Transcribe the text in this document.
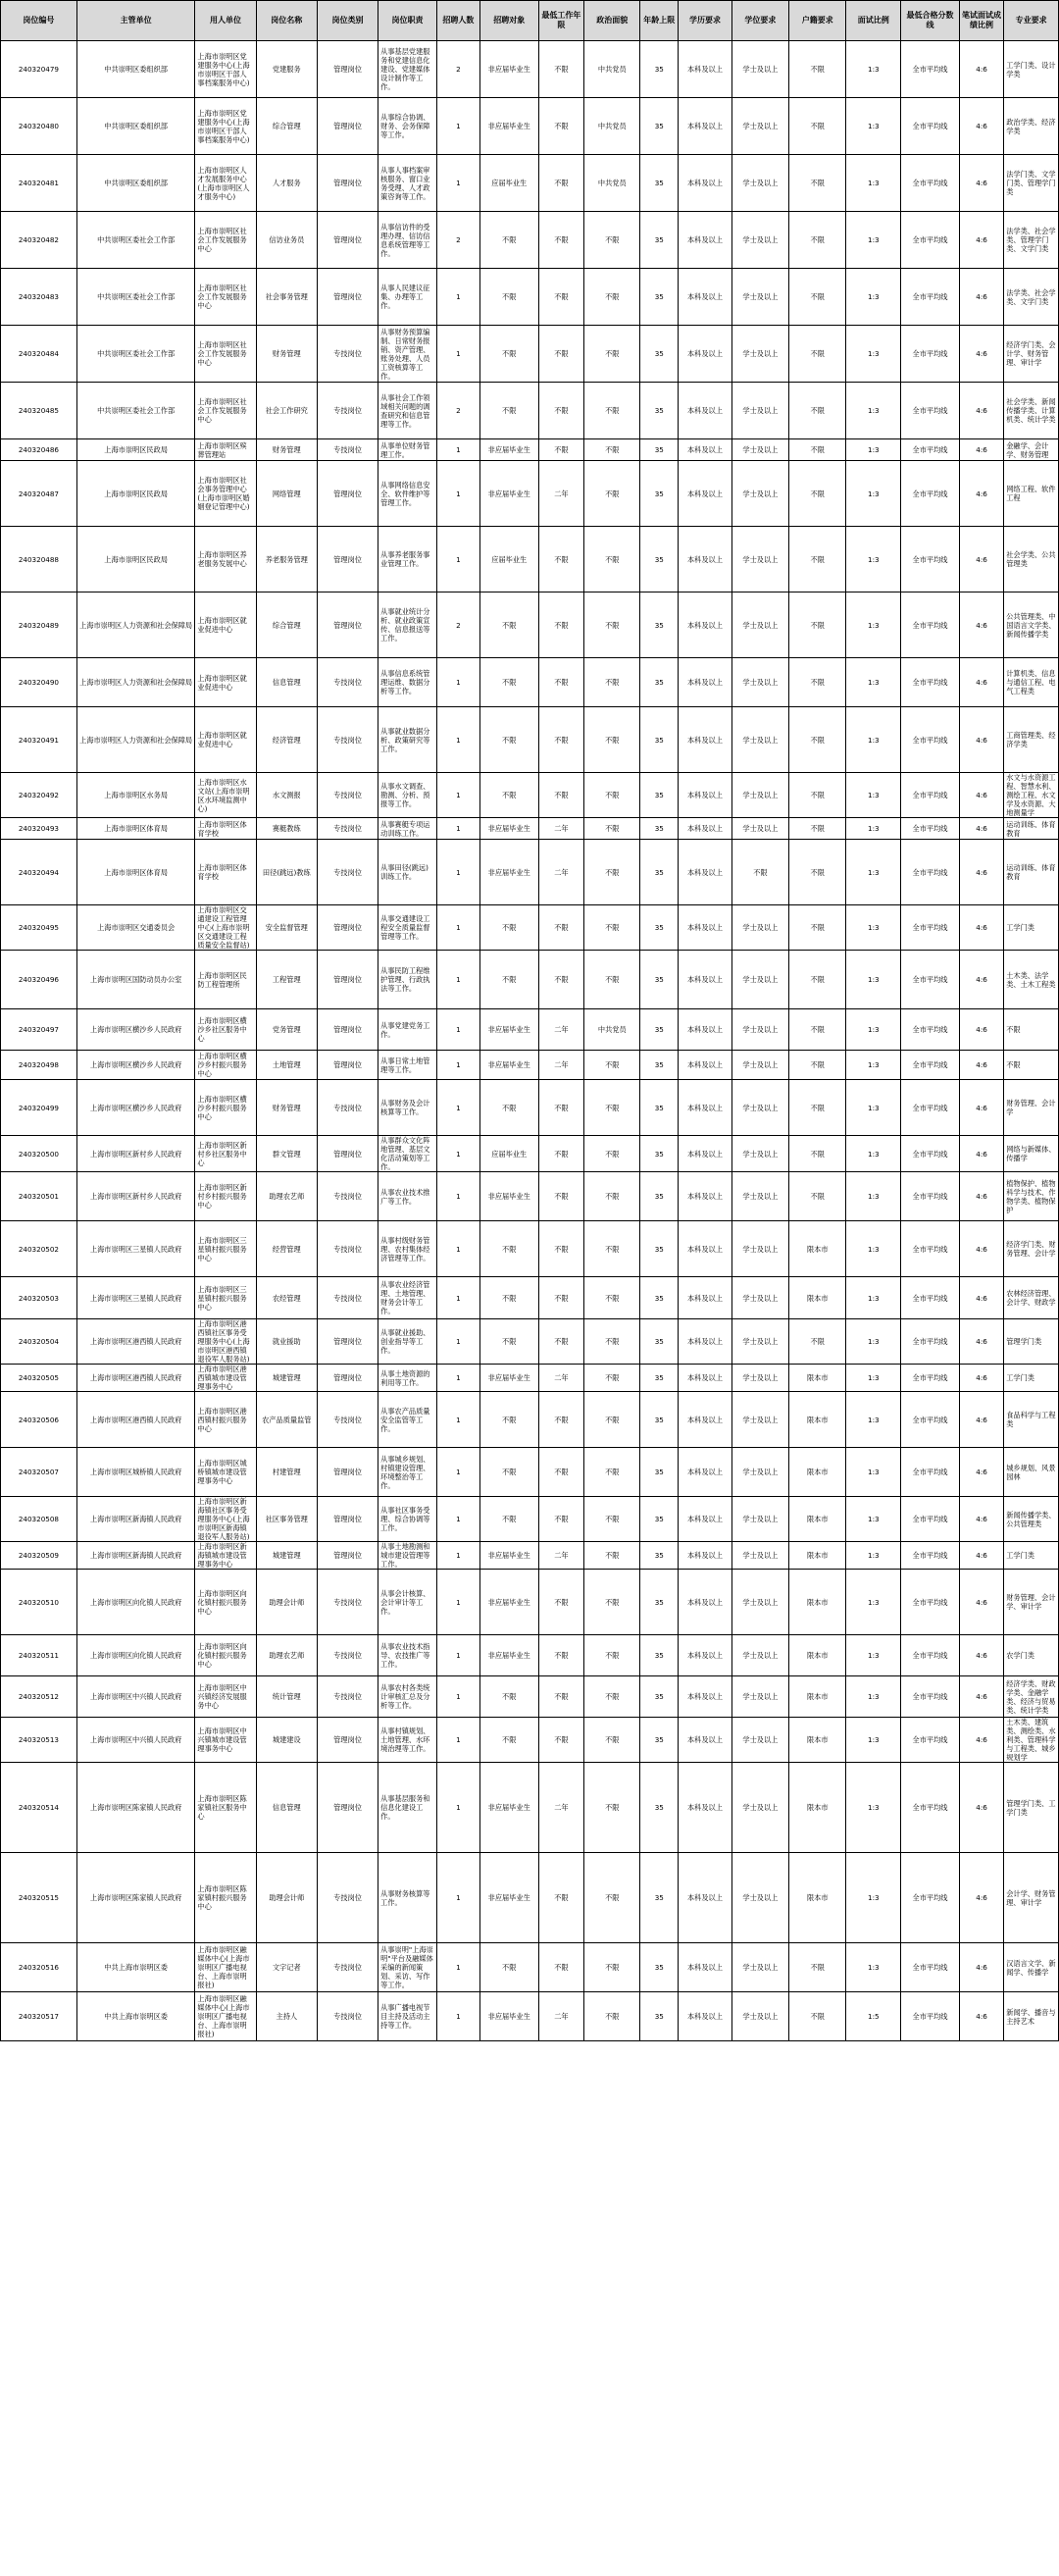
岗位编号	主管单位	用人单位	岗位名称	岗位类别	岗位职责	招聘人数	招聘对象	最低工作年限	政治面貌	年龄上限	学历要求	学位要求	户籍要求	面试比例	最低合格分数线	笔试面试成绩比例	专业要求
240320479	中共崇明区委组织部	上海市崇明区党建服务中心(上海市崇明区干部人事档案服务中心)	党建服务	管理岗位	从事基层党建服务和党建信息化建设、党建媒体设计制作等工作。	2	非应届毕业生	不限	中共党员	35	本科及以上	学士及以上	不限	1:3	全市平均线	4:6	工学门类、设计学类
240320480	中共崇明区委组织部	上海市崇明区党建服务中心(上海市崇明区干部人事档案服务中心)	综合管理	管理岗位	从事综合协调、财务、会务保障等工作。	1	非应届毕业生	不限	中共党员	35	本科及以上	学士及以上	不限	1:3	全市平均线	4:6	政治学类、经济学类
240320481	中共崇明区委组织部	上海市崇明区人才发展服务中心(上海市崇明区人才服务中心)	人才服务	管理岗位	从事人事档案审核服务、窗口业务受理、人才政策咨询等工作。	1	应届毕业生	不限	中共党员	35	本科及以上	学士及以上	不限	1:3	全市平均线	4:6	法学门类、文学门类、管理学门类
240320482	中共崇明区委社会工作部	上海市崇明区社会工作发展服务中心	信访业务员	管理岗位	从事信访件的受理办理、信访信息系统管理等工作。	2	不限	不限	不限	35	本科及以上	学士及以上	不限	1:3	全市平均线	4:6	法学类、社会学类、管理学门类、文学门类
240320483	中共崇明区委社会工作部	上海市崇明区社会工作发展服务中心	社会事务管理	管理岗位	从事人民建议征集、办理等工作。	1	不限	不限	不限	35	本科及以上	学士及以上	不限	1:3	全市平均线	4:6	法学类、社会学类、文学门类
240320484	中共崇明区委社会工作部	上海市崇明区社会工作发展服务中心	财务管理	专技岗位	从事财务预算编制、日常财务报销、资产管理、账务处理、人员工资核算等工作。	1	不限	不限	不限	35	本科及以上	学士及以上	不限	1:3	全市平均线	4:6	经济学门类、会计学、财务管理、审计学
240320485	中共崇明区委社会工作部	上海市崇明区社会工作发展服务中心	社会工作研究	专技岗位	从事社会工作领域相关问题的调查研究和信息管理等工作。	2	不限	不限	不限	35	本科及以上	学士及以上	不限	1:3	全市平均线	4:6	社会学类、新闻传播学类、计算机类、统计学类
240320486	上海市崇明区民政局	上海市崇明区殡葬管理站	财务管理	专技岗位	从事单位财务管理工作。	1	非应届毕业生	不限	不限	35	本科及以上	学士及以上	不限	1:3	全市平均线	4:6	金融学、会计学、财务管理
240320487	上海市崇明区民政局	上海市崇明区社会事务管理中心(上海市崇明区婚姻登记管理中心)	网络管理	管理岗位	从事网络信息安全、软件维护等管理工作。	1	非应届毕业生	二年	不限	35	本科及以上	学士及以上	不限	1:3	全市平均线	4:6	网络工程、软件工程
240320488	上海市崇明区民政局	上海市崇明区养老服务发展中心	养老服务管理	管理岗位	从事养老服务事业管理工作。	1	应届毕业生	不限	不限	35	本科及以上	学士及以上	不限	1:3	全市平均线	4:6	社会学类、公共管理类
240320489	上海市崇明区人力资源和社会保障局	上海市崇明区就业促进中心	综合管理	管理岗位	从事就业统计分析、就业政策宣传、信息报送等工作。	2	不限	不限	不限	35	本科及以上	学士及以上	不限	1:3	全市平均线	4:6	公共管理类、中国语言文学类、新闻传播学类
240320490	上海市崇明区人力资源和社会保障局	上海市崇明区就业促进中心	信息管理	专技岗位	从事信息系统管理运维、数据分析等工作。	1	不限	不限	不限	35	本科及以上	学士及以上	不限	1:3	全市平均线	4:6	计算机类、信息与通信工程、电气工程类
240320491	上海市崇明区人力资源和社会保障局	上海市崇明区就业促进中心	经济管理	专技岗位	从事就业数据分析、政策研究等工作。	1	不限	不限	不限	35	本科及以上	学士及以上	不限	1:3	全市平均线	4:6	工商管理类、经济学类
240320492	上海市崇明区水务局	上海市崇明区水文站(上海市崇明区水环境监测中心)	水文测报	专技岗位	从事水文调查、勘测、分析、预报等工作。	1	不限	不限	不限	35	本科及以上	学士及以上	不限	1:3	全市平均线	4:6	水文与水资源工程、智慧水利、测绘工程、水文学及水资源、大地测量学
240320493	上海市崇明区体育局	上海市崇明区体育学校	赛艇教练	专技岗位	从事赛艇专项运动训练工作。	1	非应届毕业生	二年	不限	35	本科及以上	学士及以上	不限	1:3	全市平均线	4:6	运动训练、体育教育
240320494	上海市崇明区体育局	上海市崇明区体育学校	田径(跳远)教练	专技岗位	从事田径(跳远)训练工作。	1	非应届毕业生	二年	不限	35	本科及以上	不限	不限	1:3	全市平均线	4:6	运动训练、体育教育
240320495	上海市崇明区交通委员会	上海市崇明区交通建设工程管理中心(上海市崇明区交通建设工程质量安全监督站)	安全监督管理	管理岗位	从事交通建设工程安全质量监督管理等工作。	1	不限	不限	不限	35	本科及以上	学士及以上	不限	1:3	全市平均线	4:6	工学门类
240320496	上海市崇明区国防动员办公室	上海市崇明区民防工程管理所	工程管理	管理岗位	从事民防工程维护管理、行政执法等工作。	1	不限	不限	不限	35	本科及以上	学士及以上	不限	1:3	全市平均线	4:6	土木类、法学类、土木工程类
240320497	上海市崇明区横沙乡人民政府	上海市崇明区横沙乡社区服务中心	党务管理	管理岗位	从事党建党务工作。	1	非应届毕业生	二年	中共党员	35	本科及以上	学士及以上	不限	1:3	全市平均线	4:6	不限
240320498	上海市崇明区横沙乡人民政府	上海市崇明区横沙乡村振兴服务中心	土地管理	管理岗位	从事日常土地管理等工作。	1	非应届毕业生	二年	不限	35	本科及以上	学士及以上	不限	1:3	全市平均线	4:6	不限
240320499	上海市崇明区横沙乡人民政府	上海市崇明区横沙乡村振兴服务中心	财务管理	专技岗位	从事财务及会计核算等工作。	1	不限	不限	不限	35	本科及以上	学士及以上	不限	1:3	全市平均线	4:6	财务管理、会计学
240320500	上海市崇明区新村乡人民政府	上海市崇明区新村乡社区服务中心	群文管理	管理岗位	从事群众文化阵地管理、基层文化活动策划等工作。	1	应届毕业生	不限	不限	35	本科及以上	学士及以上	不限	1:3	全市平均线	4:6	网络与新媒体、传播学
240320501	上海市崇明区新村乡人民政府	上海市崇明区新村乡村振兴服务中心	助理农艺师	专技岗位	从事农业技术推广等工作。	1	非应届毕业生	不限	不限	35	本科及以上	学士及以上	不限	1:3	全市平均线	4:6	植物保护、植物科学与技术、作物学类、植物保护
240320502	上海市崇明区三星镇人民政府	上海市崇明区三星镇村振兴服务中心	经营管理	专技岗位	从事村级财务管理、农村集体经济管理等工作。	1	不限	不限	不限	35	本科及以上	学士及以上	限本市	1:3	全市平均线	4:6	经济学门类、财务管理、会计学
240320503	上海市崇明区三星镇人民政府	上海市崇明区三星镇村振兴服务中心	农经管理	专技岗位	从事农业经济管理、土地管理、财务会计等工作。	1	不限	不限	不限	35	本科及以上	学士及以上	限本市	1:3	全市平均线	4:6	农林经济管理、会计学、财政学
240320504	上海市崇明区港西镇人民政府	上海市崇明区港西镇社区事务受理服务中心(上海市崇明区港西镇退役军人服务站)	就业援助	管理岗位	从事就业援助、创业指导等工作。	1	不限	不限	不限	35	本科及以上	学士及以上	不限	1:3	全市平均线	4:6	管理学门类
240320505	上海市崇明区港西镇人民政府	上海市崇明区港西镇城市建设管理事务中心	城建管理	管理岗位	从事土地资源的利用等工作。	1	非应届毕业生	二年	不限	35	本科及以上	学士及以上	限本市	1:3	全市平均线	4:6	工学门类
240320506	上海市崇明区港西镇人民政府	上海市崇明区港西镇村振兴服务中心	农产品质量监管	专技岗位	从事农产品质量安全监管等工作。	1	不限	不限	不限	35	本科及以上	学士及以上	限本市	1:3	全市平均线	4:6	食品科学与工程类
240320507	上海市崇明区城桥镇人民政府	上海市崇明区城桥镇城市建设管理事务中心	村建管理	管理岗位	从事城乡规划、村镇建设管理、环境整治等工作。	1	不限	不限	不限	35	本科及以上	学士及以上	限本市	1:3	全市平均线	4:6	城乡规划、风景园林
240320508	上海市崇明区新海镇人民政府	上海市崇明区新海镇社区事务受理服务中心(上海市崇明区新海镇退役军人服务站)	社区事务管理	管理岗位	从事社区事务受理、综合协调等工作。	1	不限	不限	不限	35	本科及以上	学士及以上	限本市	1:3	全市平均线	4:6	新闻传播学类、公共管理类
240320509	上海市崇明区新海镇人民政府	上海市崇明区新海镇城市建设管理事务中心	城建管理	管理岗位	从事土地勘测和城市建设管理等工作。	1	非应届毕业生	二年	不限	35	本科及以上	学士及以上	限本市	1:3	全市平均线	4:6	工学门类
240320510	上海市崇明区向化镇人民政府	上海市崇明区向化镇村振兴服务中心	助理会计师	专技岗位	从事会计核算、会计审计等工作。	1	非应届毕业生	不限	不限	35	本科及以上	学士及以上	限本市	1:3	全市平均线	4:6	财务管理、会计学、审计学
240320511	上海市崇明区向化镇人民政府	上海市崇明区向化镇村振兴服务中心	助理农艺师	专技岗位	从事农业技术指导、农技推广等工作。	1	非应届毕业生	不限	不限	35	本科及以上	学士及以上	限本市	1:3	全市平均线	4:6	农学门类
240320512	上海市崇明区中兴镇人民政府	上海市崇明区中兴镇经济发展服务中心	统计管理	专技岗位	从事农村各类统计审核汇总及分析等工作。	1	不限	不限	不限	35	本科及以上	学士及以上	限本市	1:3	全市平均线	4:6	经济学类、财政学类、金融学类、经济与贸易类、统计学类
240320513	上海市崇明区中兴镇人民政府	上海市崇明区中兴镇城市建设管理事务中心	城建建设	管理岗位	从事村镇规划、土地管理、水环境治理等工作。	1	不限	不限	不限	35	本科及以上	学士及以上	限本市	1:3	全市平均线	4:6	土木类、建筑类、测绘类、水利类、管理科学与工程类、城乡规划学
240320514	上海市崇明区陈家镇人民政府	上海市崇明区陈家镇社区服务中心	信息管理	管理岗位	从事基层服务和信息化建设工作。	1	非应届毕业生	二年	不限	35	本科及以上	学士及以上	限本市	1:3	全市平均线	4:6	管理学门类、工学门类
240320515	上海市崇明区陈家镇人民政府	上海市崇明区陈家镇村振兴服务中心	助理会计师	专技岗位	从事财务核算等工作。	1	非应届毕业生	不限	不限	35	本科及以上	学士及以上	限本市	1:3	全市平均线	4:6	会计学、财务管理、审计学
240320516	中共上海市崇明区委	上海市崇明区融媒体中心(上海市崇明区广播电视台、上海市崇明报社)	文字记者	专技岗位	从事崇明"上海崇明"平台及融媒体采编的新闻策划、采访、写作等工作。	1	不限	不限	不限	35	本科及以上	学士及以上	不限	1:3	全市平均线	4:6	汉语言文学、新闻学、传播学
240320517	中共上海市崇明区委	上海市崇明区融媒体中心(上海市崇明区广播电视台、上海市崇明报社)	主持人	专技岗位	从事广播电视节目主持及活动主持等工作。	1	非应届毕业生	二年	不限	35	本科及以上	学士及以上	不限	1:5	全市平均线	4:6	新闻学、播音与主持艺术
